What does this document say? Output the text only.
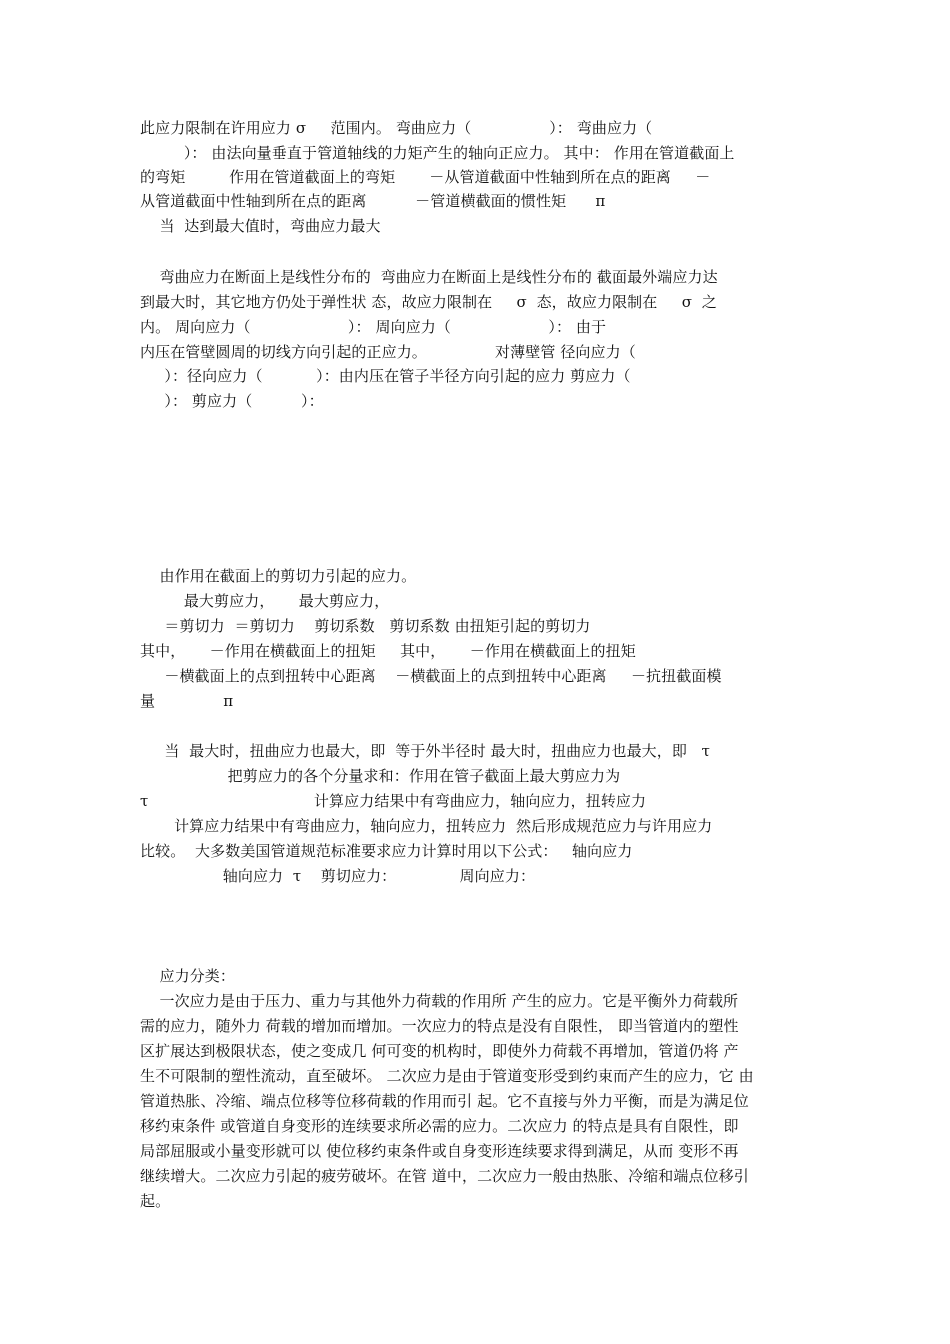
此应力限制在许用应力 σ     范围内。 弯曲应力（                ）： 弯曲应力（
）： 由法向量垂直于管道轴线的力矩产生的轴向正应力。 其中： 作用在管道截面上
的弯矩         作用在管道截面上的弯矩       －从管道截面中性轴到所在点的距离     －
从管道截面中性轴到所在点的距离          －管道横截面的惯性矩      π
当  达到最大值时，弯曲应力最大
弯曲应力在断面上是线性分布的  弯曲应力在断面上是线性分布的 截面最外端应力达
到最大时，其它地方仍处于弹性状 态，故应力限制在     σ  态，故应力限制在     σ  之
内。 周向应力（                    ）： 周向应力（                    ）： 由于
内压在管壁圆周的切线方向引起的正应力。              对薄壁管 径向应力（
）：径向应力（           ）：由内压在管子半径方向引起的应力 剪应力（
）： 剪应力（          ）：
由作用在截面上的剪切力引起的应力。
最大剪应力，     最大剪应力，
＝剪切力  ＝剪切力    剪切系数   剪切系数 由扭矩引起的剪切力
其中，     －作用在横截面上的扭矩     其中，     －作用在横截面上的扭矩
－横截面上的点到扭转中心距离    －横截面上的点到扭转中心距离     －抗扭截面模
量              π
当  最大时，扭曲应力也最大，即  等于外半径时 最大时，扭曲应力也最大，即   τ
把剪应力的各个分量求和：作用在管子截面上最大剪应力为
τ                                  计算应力结果中有弯曲应力，轴向应力，扭转应力
计算应力结果中有弯曲应力，轴向应力，扭转应力  然后形成规范应力与许用应力
比较。  大多数美国管道规范标准要求应力计算时用以下公式：   轴向应力
轴向应力  τ    剪切应力：             周向应力：
应力分类：
一次应力是由于压力、重力与其他外力荷载的作用所 产生的应力。它是平衡外力荷载所
需的应力，随外力 荷载的增加而增加。一次应力的特点是没有自限性， 即当管道内的塑性
区扩展达到极限状态，使之变成几 何可变的机构时，即使外力荷载不再增加，管道仍将 产
生不可限制的塑性流动，直至破坏。 二次应力是由于管道变形受到约束而产生的应力，它 由
管道热胀、冷缩、端点位移等位移荷载的作用而引 起。它不直接与外力平衡，而是为满足位
移约束条件 或管道自身变形的连续要求所必需的应力。二次应力 的特点是具有自限性，即
局部屈服或小量变形就可以 使位移约束条件或自身变形连续要求得到满足，从而 变形不再
继续增大。二次应力引起的疲劳破坏。在管 道中，二次应力一般由热胀、冷缩和端点位移引
起。
